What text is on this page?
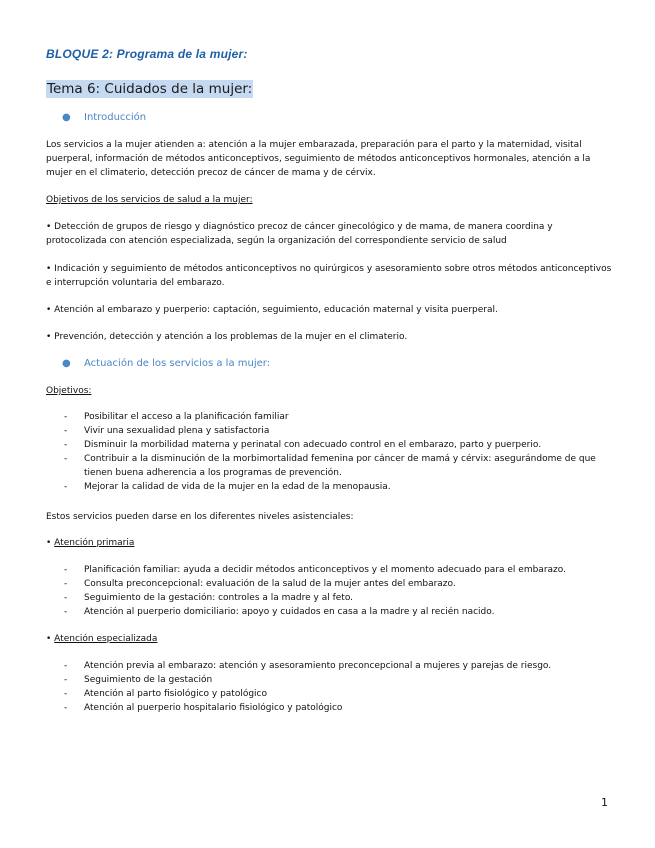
BLOQUE 2: Programa de la mujer:
Tema 6: Cuidados de la mujer:
● Introducción
Los servicios a la mujer atienden a: atención a la mujer embarazada, preparación para el parto y la maternidad, visital puerperal, información de métodos anticonceptivos, seguimiento de métodos anticonceptivos hormonales, atención a la mujer en el climaterio, detección precoz de cáncer de mama y de cérvix.
Objetivos de los servicios de salud a la mujer:
• Detección de grupos de riesgo y diagnóstico precoz de cáncer ginecológico y de mama, de manera coordina y protocolizada con atención especializada, según la organización del correspondiente servicio de salud
• Indicación y seguimiento de métodos anticonceptivos no quirúrgicos y asesoramiento sobre otros métodos anticonceptivos e interrupción voluntaria del embarazo.
• Atención al embarazo y puerperio: captación, seguimiento, educación maternal y visita puerperal.
• Prevención, detección y atención a los problemas de la mujer en el climaterio.
● Actuación de los servicios a la mujer:
Objetivos:
- Posibilitar el acceso a la planificación familiar
- Vivir una sexualidad plena y satisfactoria
- Disminuir la morbilidad materna y perinatal con adecuado control en el embarazo, parto y puerperio.
- Contribuir a la disminución de la morbimortalidad femenina por cáncer de mamá y cérvix: asegurándome de que tienen buena adherencia a los programas de prevención.
- Mejorar la calidad de vida de la mujer en la edad de la menopausia.
Estos servicios pueden darse en los diferentes niveles asistenciales:
• Atención primaria
- Planificación familiar: ayuda a decidir métodos anticonceptivos y el momento adecuado para el embarazo.
- Consulta preconcepcional: evaluación de la salud de la mujer antes del embarazo.
- Seguimiento de la gestación: controles a la madre y al feto.
- Atención al puerperio domiciliario: apoyo y cuidados en casa a la madre y al recién nacido.
• Atención especializada
- Atención previa al embarazo: atención y asesoramiento preconcepcional a mujeres y parejas de riesgo.
- Seguimiento de la gestación
- Atención al parto fisiológico y patológico
- Atención al puerperio hospitalario fisiológico y patológico
1
